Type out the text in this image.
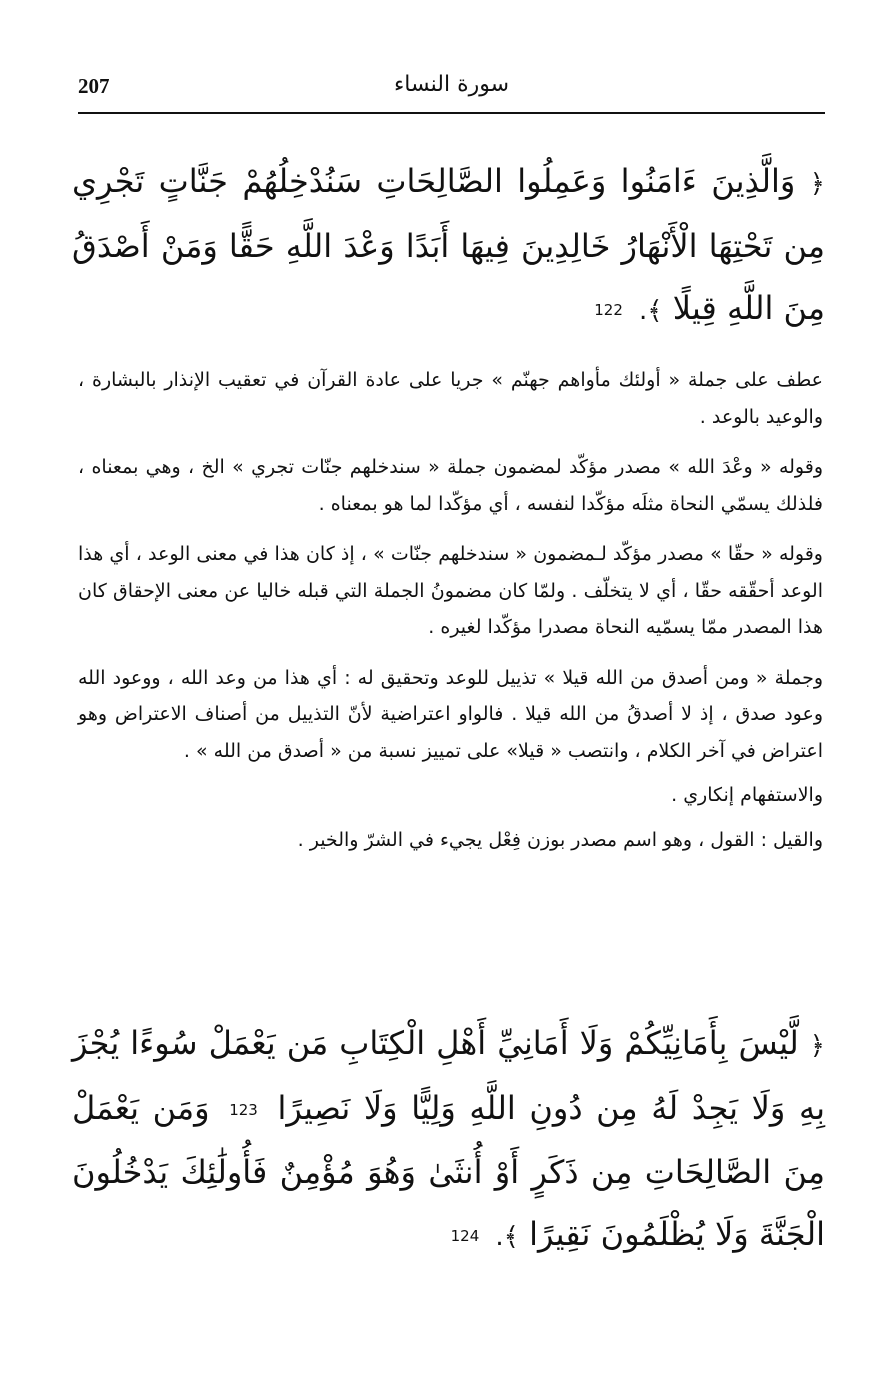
207	سورة النساء
﴿ وَالَّذِينَ ءَامَنُوا وَعَمِلُوا الصَّالِحَاتِ سَنُدْخِلُهُمْ جَنَّاتٍ تَجْرِي مِن تَحْتِهَا الْأَنْهَارُ خَالِدِينَ فِيهَا أَبَدًا وَعْدَ اللَّهِ حَقًّا وَمَنْ أَصْدَقُ مِنَ اللَّهِ قِيلًا ﴾. 122

عطف على جملة « أولئك مأواهم جهنّم » جريا على عادة القرآن في تعقيب الإنذار بالبشارة ، والوعيد بالوعد .

وقوله « وعْدَ الله » مصدر مؤكّد لمضمون جملة « سندخلهم جنّات تجري » الخ ، وهي بمعناه ، فلذلك يسمّي النحاة مثلَه مؤكّدا لنفسه ، أي مؤكّدا لما هو بمعناه .

وقوله « حقّا » مصدر مؤكّد لـمضمون « سندخلهم جنّات » ، إذ كان هذا في معنى الوعد ، أي هذا الوعد أحقّقه حقّا ، أي لا يتخلّف . ولمّا كان مضمونُ الجملة التي قبله خاليا عن معنى الإحقاق كان هذا المصدر ممّا يسمّيه النحاة مصدرا مؤكّدا لغيره .

وجملة « ومن أصدق من الله قيلا » تذييل للوعد وتحقيق له : أي هذا من وعد الله ، ووعود الله وعود صدق ، إذ لا أصدقُ من الله قيلا . فالواو اعتراضية لأنّ التذييل من أصناف الاعتراض وهو اعتراض في آخر الكلام ، وانتصب « قيلا» على تمييز نسبة من « أصدق من الله » .

والاستفهام إنكاري .

والقيل : القول ، وهو اسم مصدر بوزن فِعْل يجيء في الشرّ والخير .

﴿ لَّيْسَ بِأَمَانِيِّكُمْ وَلَا أَمَانِيِّ أَهْلِ الْكِتَابِ مَن يَعْمَلْ سُوءًا يُجْزَ بِهِ وَلَا يَجِدْ لَهُ مِن دُونِ اللَّهِ وَلِيًّا وَلَا نَصِيرًا 123 وَمَن يَعْمَلْ مِنَ الصَّالِحَاتِ مِن ذَكَرٍ أَوْ أُنثَىٰ وَهُوَ مُؤْمِنٌ فَأُولَٰئِكَ يَدْخُلُونَ الْجَنَّةَ وَلَا يُظْلَمُونَ نَقِيرًا ﴾. 124
